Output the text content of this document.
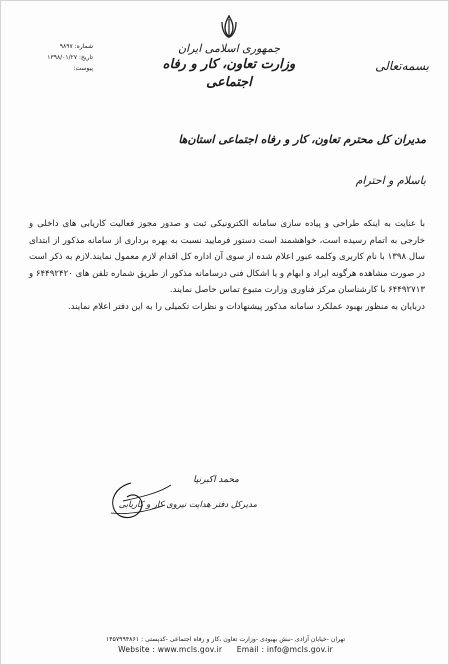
شماره: ۹۸۹۷
تاریخ: ۱۳۹۸/۰۱/۲۷
پیوست:
جمهوری اسلامی ایران
وزارت تعاون، کار و رفاه اجتماعی
بسمه‌تعالی
مدیران کل محترم تعاون، کار و رفاه اجتماعی استان‌ها
باسلام و احترام

با عنایت به اینکه طراحی و پیاده سازی سامانه الکترونیکی ثبت و صدور مجوز فعالیت کاریابی های داخلی و خارجی به اتمام رسیده است، خواهشمند است دستور فرمایید نسبت به بهره برداری از سامانه مذکور از ابتدای سال ۱۳۹۸ با نام کاربری وکلمه عبور اعلام شده از سوی آن اداره کل اقدام لازم معمول نمایند.لازم به ذکر است در صورت مشاهده هرگونه ایراد و ابهام و یا اشکال فنی درسامانه مذکور از طریق شماره تلفن های ۶۴۴۹۲۴۲۰ و ۶۴۴۹۲۷۱۳ با کارشناسان مرکز فناوری وزارت متبوع تماس حاصل نمایند.

دربایان به منظور بهبود عملکرد سامانه مذکور پیشنهادات و نظرات تکمیلی را به این دفتر اعلام نمایند.

محمد اکبرنیا
مدیرکل دفتر هدایت نیروی کار و کاریابی
تهران -خیابان آزادی -نبش بهبودی -وزارت تعاون ،کار و رفاه اجتماعی -کدپستی : ۱۴۵۷۹۹۴۸۶۱
Website : www.mcls.gov.ir Email : info@mcls.gov.ir
